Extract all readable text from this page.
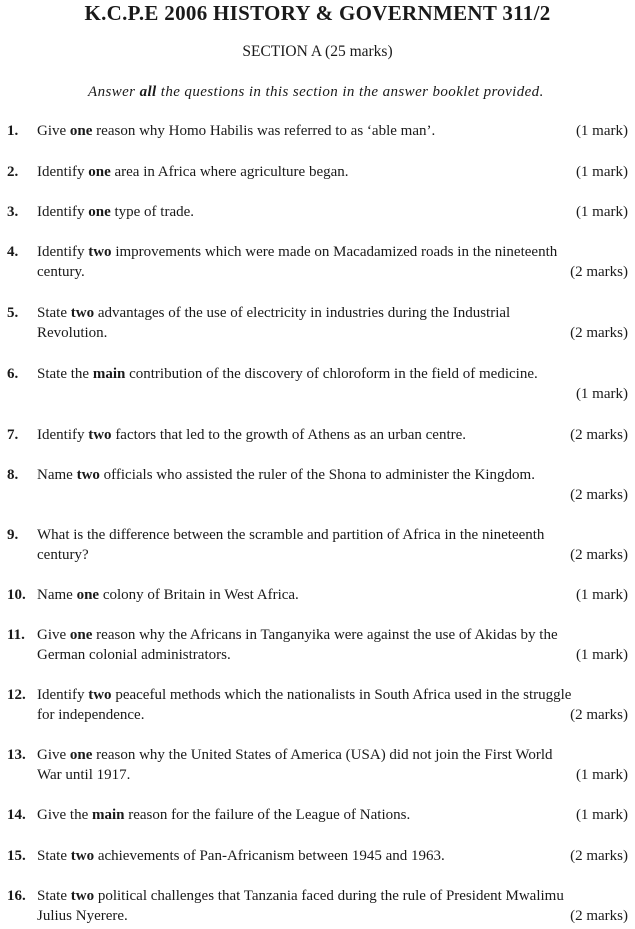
K.C.P.E 2006 HISTORY & GOVERNMENT 311/2
SECTION A (25 marks)
Answer all the questions in this section in the answer booklet provided.
1. Give one reason why Homo Habilis was referred to as ‘able man’.	(1 mark)
2. Identify one area in Africa where agriculture began.	(1 mark)
3. Identify one type of trade.	(1 mark)
4. Identify two improvements which were made on Macadamized roads in the nineteenth
century.	(2 marks)
5. State two advantages of the use of electricity in industries during the Industrial
Revolution.	(2 marks)
6. State the main contribution of the discovery of chloroform in the field of medicine.
(1 mark)
7. Identify two factors that led to the growth of Athens as an urban centre.	(2 marks)
8. Name two officials who assisted the ruler of the Shona to administer the Kingdom.
(2 marks)
9. What is the difference between the scramble and partition of Africa in the nineteenth
century?	(2 marks)
10. Name one colony of Britain in West Africa.	(1 mark)
11. Give one reason why the Africans in Tanganyika were against the use of Akidas by the
German colonial administrators.	(1 mark)
12. Identify two peaceful methods which the nationalists in South Africa used in the struggle
for independence.	(2 marks)
13. Give one reason why the United States of America (USA) did not join the First World
War until 1917.	(1 mark)
14. Give the main reason for the failure of the League of Nations.	(1 mark)
15. State two achievements of Pan-Africanism between 1945 and 1963.	(2 marks)
16. State two political challenges that Tanzania faced during the rule of President Mwalimu
Julius Nyerere.	(2 marks)
